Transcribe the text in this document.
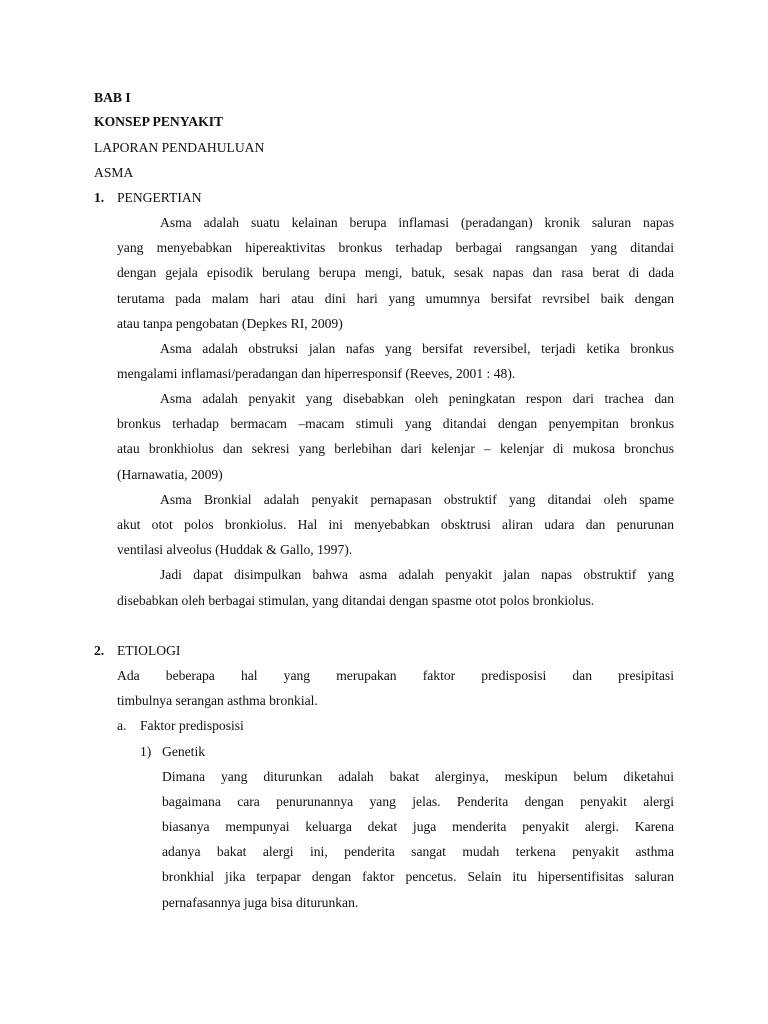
BAB I
KONSEP PENYAKIT
LAPORAN PENDAHULUAN
ASMA
1. PENGERTIAN
Asma adalah suatu kelainan berupa inflamasi (peradangan) kronik saluran napas
yang menyebabkan hipereaktivitas bronkus terhadap berbagai rangsangan yang ditandai
dengan gejala episodik berulang berupa mengi, batuk, sesak napas dan rasa berat di dada
terutama pada malam hari atau dini hari yang umumnya bersifat revrsibel baik dengan
atau tanpa pengobatan (Depkes RI, 2009)
Asma adalah obstruksi jalan nafas yang bersifat reversibel, terjadi ketika bronkus
mengalami inflamasi/peradangan dan hiperresponsif (Reeves, 2001 : 48).
Asma adalah penyakit yang disebabkan oleh peningkatan respon dari trachea dan
bronkus terhadap bermacam –macam stimuli yang ditandai dengan penyempitan bronkus
atau bronkhiolus dan sekresi yang berlebihan dari kelenjar – kelenjar di mukosa bronchus
(Harnawatia, 2009)
Asma Bronkial adalah penyakit pernapasan obstruktif yang ditandai oleh spame
akut otot polos bronkiolus. Hal ini menyebabkan obsktrusi aliran udara dan penurunan
ventilasi alveolus (Huddak & Gallo, 1997).
Jadi dapat disimpulkan bahwa asma adalah penyakit jalan napas obstruktif yang
disebabkan oleh berbagai stimulan, yang ditandai dengan spasme otot polos bronkiolus.
2. ETIOLOGI
Ada beberapa hal yang merupakan faktor predisposisi dan presipitasi
timbulnya serangan asthma bronkial.
a. Faktor predisposisi
1) Genetik
Dimana yang diturunkan adalah bakat alerginya, meskipun belum diketahui
bagaimana cara penurunannya yang jelas. Penderita dengan penyakit alergi
biasanya mempunyai keluarga dekat juga menderita penyakit alergi. Karena
adanya bakat alergi ini, penderita sangat mudah terkena penyakit asthma
bronkhial jika terpapar dengan faktor pencetus. Selain itu hipersentifisitas saluran
pernafasannya juga bisa diturunkan.
